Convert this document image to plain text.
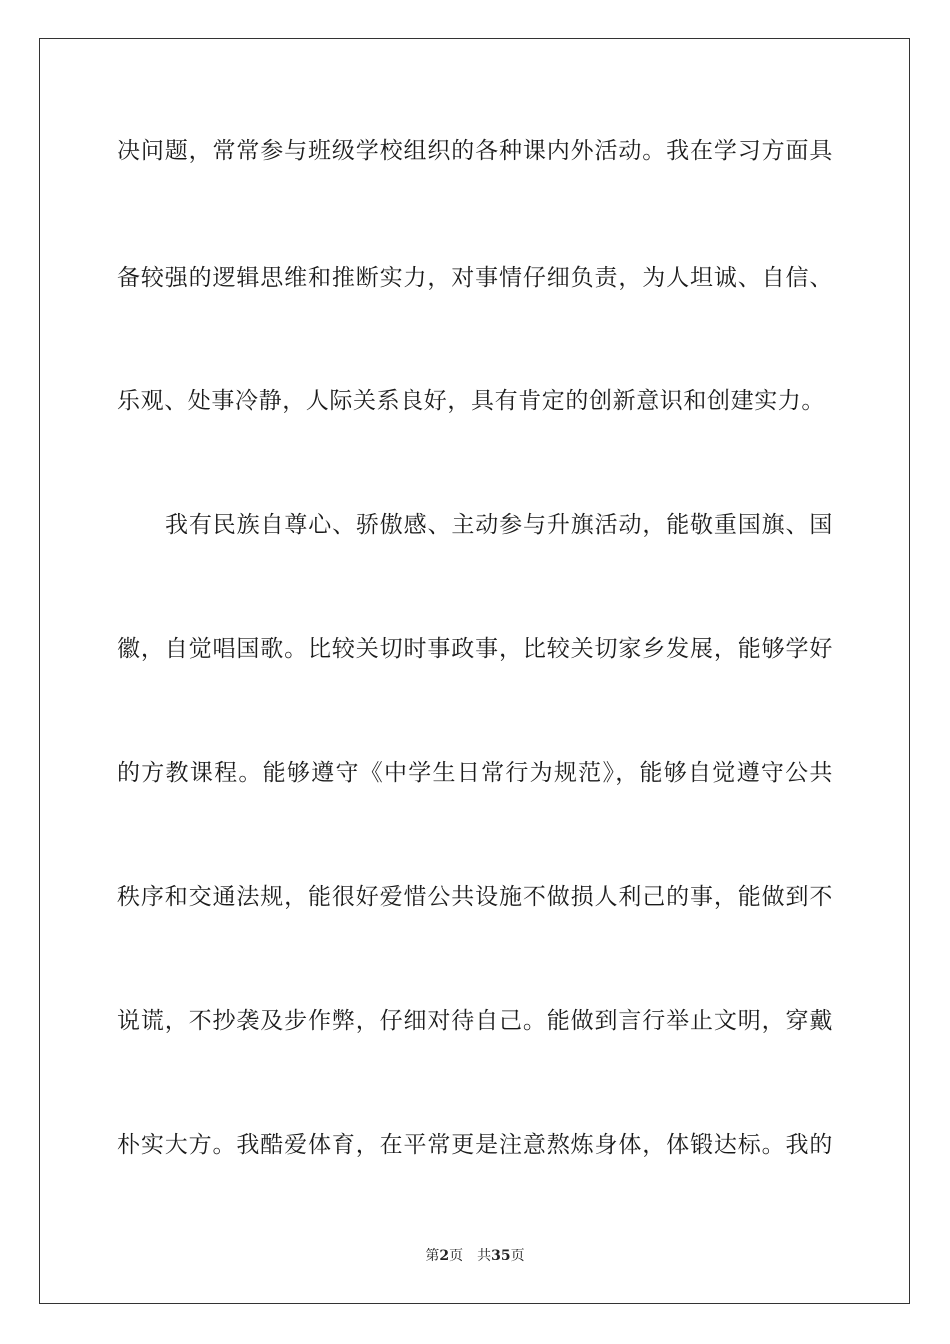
决问题，常常参与班级学校组织的各种课内外活动。我在学习方面具
备较强的逻辑思维和推断实力，对事情仔细负责，为人坦诚、自信、
乐观、处事冷静，人际关系良好，具有肯定的创新意识和创建实力。
我有民族自尊心、骄傲感、主动参与升旗活动，能敬重国旗、国
徽，自觉唱国歌。比较关切时事政事，比较关切家乡发展，能够学好
的方教课程。能够遵守《中学生日常行为规范》，能够自觉遵守公共
秩序和交通法规，能很好爱惜公共设施不做损人利己的事，能做到不
说谎，不抄袭及步作弊，仔细对待自己。能做到言行举止文明，穿戴
朴实大方。我酷爱体育，在平常更是注意熬炼身体，体锻达标。我的
第2页 共35页
